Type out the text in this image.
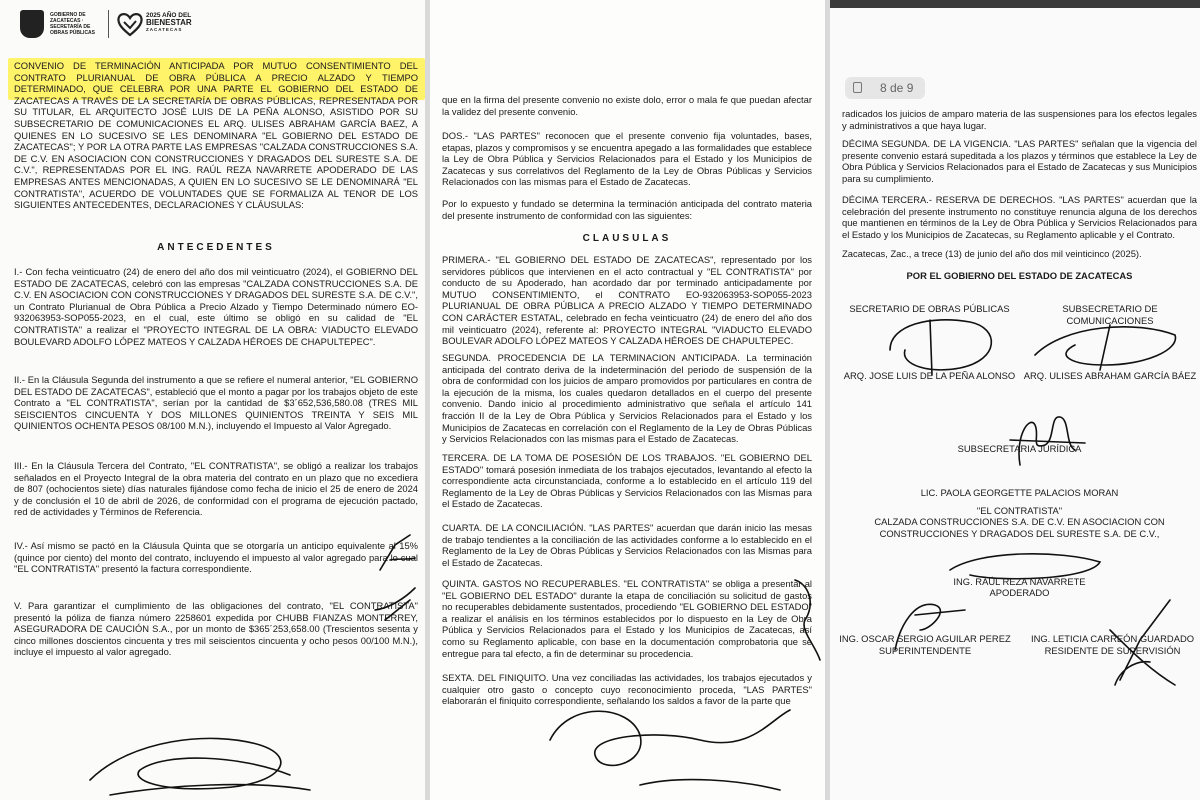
GOBIERNO DE ZACATECAS · SECRETARÍA DE OBRAS PÚBLICAS
2025 AÑO DEL
BIENESTAR
ZACATECAS
CONVENIO DE TERMINACIÓN ANTICIPADA POR MUTUO CONSENTIMIENTO DEL CONTRATO PLURIANUAL DE OBRA PÚBLICA A PRECIO ALZADO Y TIEMPO DETERMINADO, QUE CELEBRA POR UNA PARTE EL GOBIERNO DEL ESTADO DE ZACATECAS A TRAVÉS DE LA SECRETARÍA DE OBRAS PÚBLICAS, REPRESENTADA POR SU TITULAR, EL ARQUITECTO JOSÉ LUIS DE LA PEÑA ALONSO, ASISTIDO POR SU SUBSECRETARIO DE COMUNICACIONES EL ARQ. ULISES ABRAHAM GARCÍA BAEZ, A QUIENES EN LO SUCESIVO SE LES DENOMINARA "EL GOBIERNO DEL ESTADO DE ZACATECAS"; Y POR LA OTRA PARTE LAS EMPRESAS "CALZADA CONSTRUCCIONES S.A. DE C.V. EN ASOCIACION CON CONSTRUCCIONES Y DRAGADOS DEL SURESTE S.A. DE C.V.", REPRESENTADAS POR EL ING. RAÚL REZA NAVARRETE APODERADO DE LAS EMPRESAS ANTES MENCIONADAS, A QUIEN EN LO SUCESIVO SE LE DENOMINARÁ "EL CONTRATISTA", ACUERDO DE VOLUNTADES QUE SE FORMALIZA AL TENOR DE LOS SIGUIENTES ANTECEDENTES, DECLARACIONES Y CLÁUSULAS:
ANTECEDENTES
I.- Con fecha veinticuatro (24) de enero del año dos mil veinticuatro (2024), el GOBIERNO DEL ESTADO DE ZACATECAS, celebró con las empresas "CALZADA CONSTRUCCIONES S.A. DE C.V. EN ASOCIACION CON CONSTRUCCIONES Y DRAGADOS DEL SURESTE S.A. DE C.V.", un Contrato Plurianual de Obra Pública a Precio Alzado y Tiempo Determinado número EO-932063953-SOP055-2023, en el cual, este último se obligó en su calidad de "EL CONTRATISTA" a realizar el "PROYECTO INTEGRAL DE LA OBRA: VIADUCTO ELEVADO BOULEVARD ADOLFO LÓPEZ MATEOS Y CALZADA HÉROES DE CHAPULTEPEC".
II.- En la Cláusula Segunda del instrumento a que se refiere el numeral anterior, "EL GOBIERNO DEL ESTADO DE ZACATECAS", estableció que el monto a pagar por los trabajos objeto de este Contrato a "EL CONTRATISTA", serían por la cantidad de $3´652,536,580.08 (TRES MIL SEISCIENTOS CINCUENTA Y DOS MILLONES QUINIENTOS TREINTA Y SEIS MIL QUINIENTOS OCHENTA PESOS 08/100 M.N.), incluyendo el Impuesto al Valor Agregado.
III.- En la Cláusula Tercera del Contrato, "EL CONTRATISTA", se obligó a realizar los trabajos señalados en el Proyecto Integral de la obra materia del contrato en un plazo que no excediera de 807 (ochocientos siete) días naturales fijándose como fecha de inicio el 25 de enero de 2024 y de conclusión el 10 de abril de 2026, de conformidad con el programa de ejecución pactado, red de actividades y Términos de Referencia.
IV.- Así mismo se pactó en la Cláusula Quinta que se otorgaría un anticipo equivalente al 15% (quince por ciento) del monto del contrato, incluyendo el impuesto al valor agregado para lo cual "EL CONTRATISTA" presentó la factura correspondiente.
V. Para garantizar el cumplimiento de las obligaciones del contrato, "EL CONTRATISTA" presentó la póliza de fianza número 2258601 expedida por CHUBB FIANZAS MONTERREY, ASEGURADORA DE CAUCIÓN S.A., por un monto de $365´253,658.00 (Trescientos sesenta y cinco millones doscientos cincuenta y tres mil seiscientos cincuenta y ocho pesos 00/100 M.N.), incluye el impuesto al valor agregado.
que en la firma del presente convenio no existe dolo, error o mala fe que puedan afectar la validez del presente convenio.
DOS.- "LAS PARTES" reconocen que el presente convenio fija voluntades, bases, etapas, plazos y compromisos y se encuentra apegado a las formalidades que establece la Ley de Obra Pública y Servicios Relacionados para el Estado y los Municipios de Zacatecas y sus correlativos del Reglamento de la Ley de Obras Públicas y Servicios Relacionados con las mismas para el Estado de Zacatecas.
Por lo expuesto y fundado se determina la terminación anticipada del contrato materia del presente instrumento de conformidad con las siguientes:
CLAUSULAS
PRIMERA.- "EL GOBIERNO DEL ESTADO DE ZACATECAS", representado por los servidores públicos que intervienen en el acto contractual y "EL CONTRATISTA" por conducto de su Apoderado, han acordado dar por terminado anticipadamente por MUTUO CONSENTIMIENTO, el CONTRATO EO-932063953-SOP055-2023 PLURIANUAL DE OBRA PÚBLICA A PRECIO ALZADO Y TIEMPO DETERMINADO CON CARÁCTER ESTATAL, celebrado en fecha veinticuatro (24) de enero del año dos mil veinticuatro (2024), referente al: PROYECTO INTEGRAL "VIADUCTO ELEVADO BOULEVAR ADOLFO LÓPEZ MATEOS Y CALZADA HÉROES DE CHAPULTEPEC.
SEGUNDA. PROCEDENCIA DE LA TERMINACION ANTICIPADA. La terminación anticipada del contrato deriva de la indeterminación del periodo de suspensión de la obra de conformidad con los juicios de amparo promovidos por particulares en contra de la ejecución de la misma, los cuales quedaron detallados en el cuerpo del presente convenio. Dando inicio al procedimiento administrativo que señala el artículo 141 fracción II de la Ley de Obra Pública y Servicios Relacionados para el Estado y los Municipios de Zacatecas en correlación con el Reglamento de la Ley de Obras Públicas y Servicios Relacionados con las mismas para el Estado de Zacatecas.
TERCERA. DE LA TOMA DE POSESIÓN DE LOS TRABAJOS. "EL GOBIERNO DEL ESTADO" tomará posesión inmediata de los trabajos ejecutados, levantando al efecto la correspondiente acta circunstanciada, conforme a lo establecido en el artículo 119 del Reglamento de la Ley de Obras Públicas y Servicios Relacionados con las Mismas para el Estado de Zacatecas.
CUARTA. DE LA CONCILIACIÓN. "LAS PARTES" acuerdan que darán inicio las mesas de trabajo tendientes a la conciliación de las actividades conforme a lo establecido en el Reglamento de la Ley de Obras Públicas y Servicios Relacionados con las Mismas para el Estado de Zacatecas.
QUINTA. GASTOS NO RECUPERABLES. "EL CONTRATISTA" se obliga a presentar al "EL GOBIERNO DEL ESTADO" durante la etapa de conciliación su solicitud de gastos no recuperables debidamente sustentados, procediendo "EL GOBIERNO DEL ESTADO" a realizar el análisis en los términos establecidos por lo dispuesto en la Ley de Obra Pública y Servicios Relacionados para el Estado y los Municipios de Zacatecas, así como su Reglamento aplicable, con base en la documentación comprobatoria que se entregue para tal efecto, a fin de determinar su procedencia.
SEXTA. DEL FINIQUITO. Una vez conciliadas las actividades, los trabajos ejecutados y cualquier otro gasto o concepto cuyo reconocimiento proceda, "LAS PARTES" elaborarán el finiquito correspondiente, señalando los saldos a favor de la parte que
radicados los juicios de amparo materia de las suspensiones para los efectos legales y administrativos a que haya lugar.
DÉCIMA SEGUNDA. DE LA VIGENCIA. "LAS PARTES" señalan que la vigencia del presente convenio estará supeditada a los plazos y términos que establece la Ley de Obra Pública y Servicios Relacionados para el Estado de Zacatecas y sus Municipios para su cumplimiento.
DÉCIMA TERCERA.- RESERVA DE DERECHOS. "LAS PARTES" acuerdan que la celebración del presente instrumento no constituye renuncia alguna de los derechos que mantienen en términos de la Ley de Obra Pública y Servicios Relacionados para el Estado y los Municipios de Zacatecas, su Reglamento aplicable y el Contrato.
Zacatecas, Zac., a trece (13) de junio del año dos mil veinticinco (2025).
POR EL GOBIERNO DEL ESTADO DE ZACATECAS
SECRETARIO DE OBRAS PÚBLICAS	SUBSECRETARIO DE COMUNICACIONES
ARQ. JOSE LUIS DE LA PEÑA ALONSO ARQ. ULISES ABRAHAM GARCÍA BÁEZ
SUBSECRETARIA JURÍDICA
LIC. PAOLA GEORGETTE PALACIOS MORAN
"EL CONTRATISTA"
CALZADA CONSTRUCCIONES S.A. DE C.V. EN ASOCIACION CON CONSTRUCCIONES Y DRAGADOS DEL SURESTE S.A. DE C.V.,
ING. RAÚL REZA NAVARRETE
APODERADO
ING. OSCAR SERGIO AGUILAR PEREZ
SUPERINTENDENTE
ING. LETICIA CARREÓN GUARDADO
RESIDENTE DE SUPERVISIÓN
8 de 9
